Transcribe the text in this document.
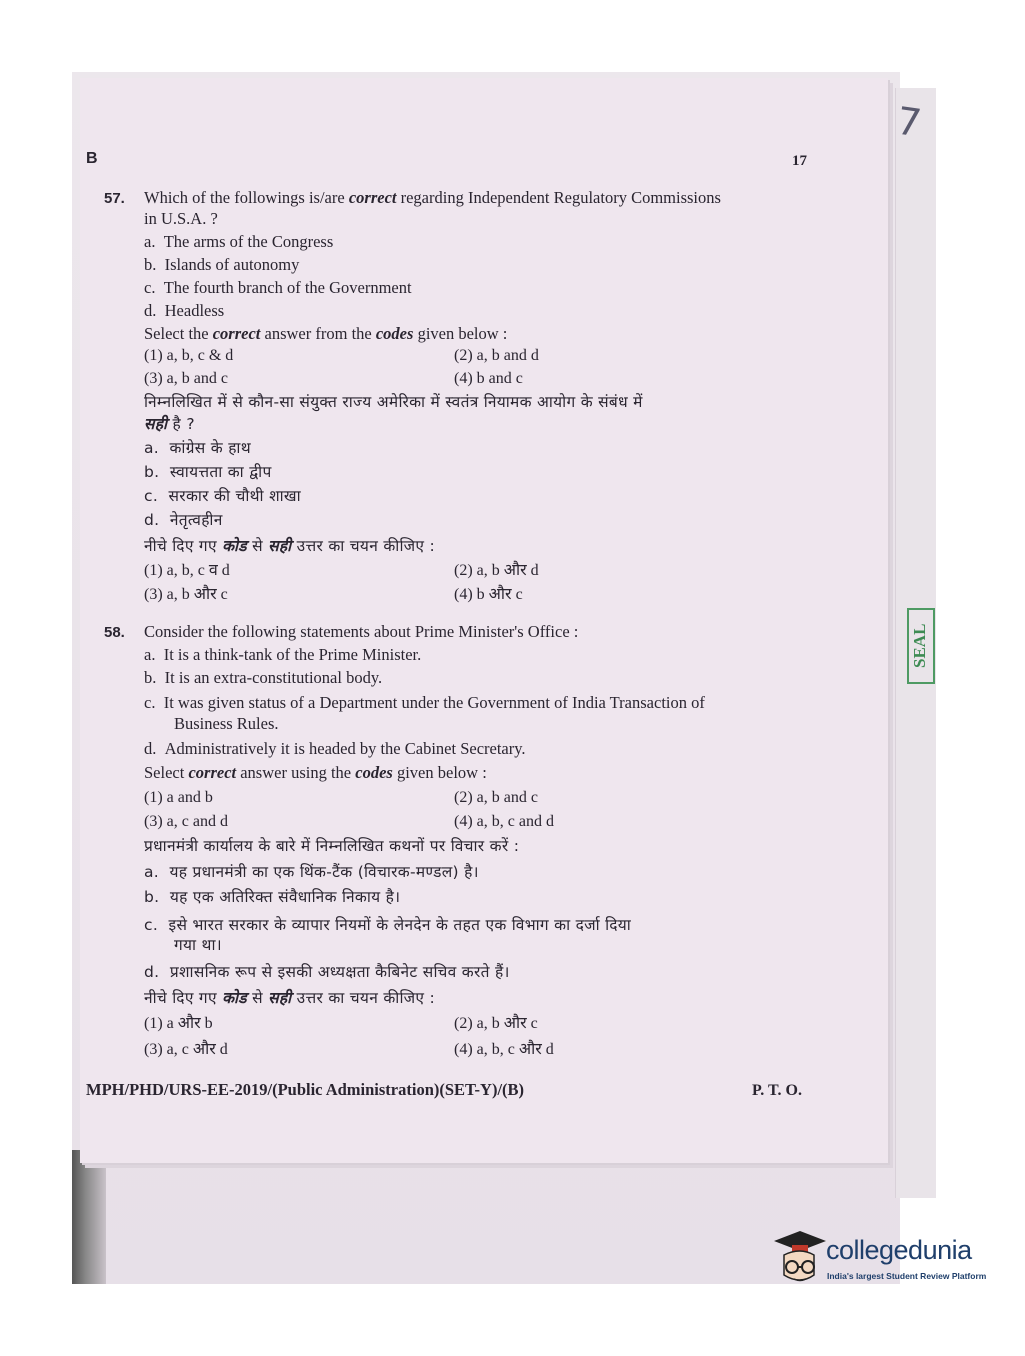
7
SEAL
B	17
57. Which of the followings is/are correct regarding Independent Regulatory Commissions
in U.S.A. ?
a. The arms of the Congress
b. Islands of autonomy
c. The fourth branch of the Government
d. Headless
Select the correct answer from the codes given below :
(1) a, b, c & d	(2) a, b and d
(3) a, b and c	(4) b and c
निम्नलिखित में से कौन-सा संयुक्त राज्य अमेरिका में स्वतंत्र नियामक आयोग के संबंध में
सही है ?
a. कांग्रेस के हाथ
b. स्वायत्तता का द्वीप
c. सरकार की चौथी शाखा
d. नेतृत्वहीन
नीचे दिए गए कोड से सही उत्तर का चयन कीजिए :
(1) a, b, c व d	(2) a, b और d
(3) a, b और c	(4) b और c
58. Consider the following statements about Prime Minister's Office :
a. It is a think-tank of the Prime Minister.
b. It is an extra-constitutional body.
c. It was given status of a Department under the Government of India Transaction of
Business Rules.
d. Administratively it is headed by the Cabinet Secretary.
Select correct answer using the codes given below :
(1) a and b	(2) a, b and c
(3) a, c and d	(4) a, b, c and d
प्रधानमंत्री कार्यालय के बारे में निम्नलिखित कथनों पर विचार करें :
a. यह प्रधानमंत्री का एक थिंक-टैंक (विचारक-मण्डल) है।
b. यह एक अतिरिक्त संवैधानिक निकाय है।
c. इसे भारत सरकार के व्यापार नियमों के लेनदेन के तहत एक विभाग का दर्जा दिया
गया था।
d. प्रशासनिक रूप से इसकी अध्यक्षता कैबिनेट सचिव करते हैं।
नीचे दिए गए कोड से सही उत्तर का चयन कीजिए :
(1) a और b	(2) a, b और c
(3) a, c और d	(4) a, b, c और d
MPH/PHD/URS-EE-2019/(Public Administration)(SET-Y)/(B)	P. T. O.
collegedunia
India's largest Student Review Platform
